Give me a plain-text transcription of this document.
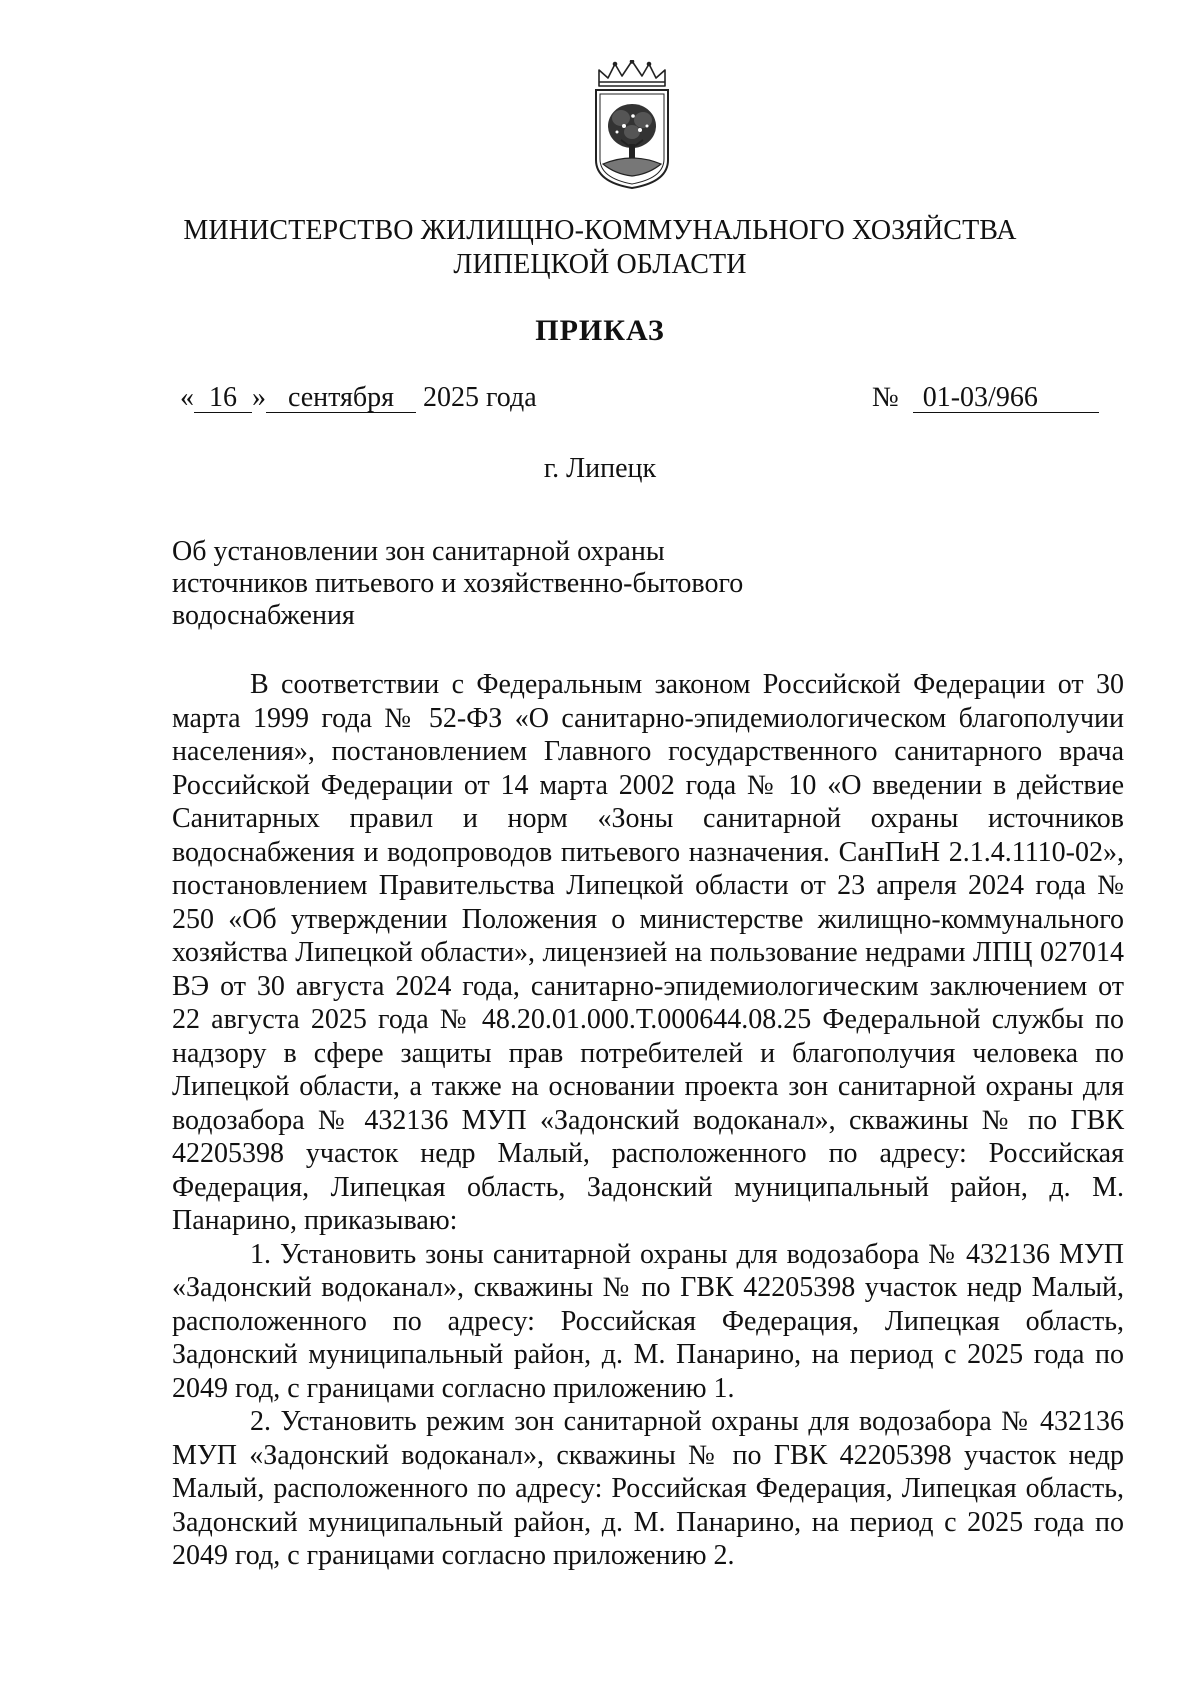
МИНИСТЕРСТВО ЖИЛИЩНО-КОММУНАЛЬНОГО ХОЗЯЙСТВА
ЛИПЕЦКОЙ ОБЛАСТИ
ПРИКАЗ
« 16 » сентября 2025 года	№ 01-03/966
г. Липецк
Об установлении зон санитарной охраны
источников питьевого и хозяйственно-бытового
водоснабжения

В соответствии с Федеральным законом Российской Федерации от 30 марта 1999 года № 52-ФЗ «О санитарно-эпидемиологическом благополучии населения», постановлением Главного государственного санитарного врача Российской Федерации от 14 марта 2002 года № 10 «О введении в действие Санитарных правил и норм «Зоны санитарной охраны источников водоснабжения и водопроводов питьевого назначения. СанПиН 2.1.4.1110-02», постановлением Правительства Липецкой области от 23 апреля 2024 года № 250 «Об утверждении Положения о министерстве жилищно-коммунального хозяйства Липецкой области», лицензией на пользование недрами ЛПЦ 027014 ВЭ от 30 августа 2024 года, санитарно-эпидемиологическим заключением от 22 августа 2025 года № 48.20.01.000.Т.000644.08.25 Федеральной службы по надзору в сфере защиты прав потребителей и благополучия человека по Липецкой области, а также на основании проекта зон санитарной охраны для водозабора № 432136 МУП «Задонский водоканал», скважины № по ГВК 42205398 участок недр Малый, расположенного по адресу: Российская Федерация, Липецкая область, Задонский муниципальный район, д. М. Панарино, приказываю:

1. Установить зоны санитарной охраны для водозабора № 432136 МУП «Задонский водоканал», скважины № по ГВК 42205398 участок недр Малый, расположенного по адресу: Российская Федерация, Липецкая область, Задонский муниципальный район, д. М. Панарино, на период с 2025 года по 2049 год, с границами согласно приложению 1.

2. Установить режим зон санитарной охраны для водозабора № 432136 МУП «Задонский водоканал», скважины № по ГВК 42205398 участок недр Малый, расположенного по адресу: Российская Федерация, Липецкая область, Задонский муниципальный район, д. М. Панарино, на период с 2025 года по 2049 год, с границами согласно приложению 2.
